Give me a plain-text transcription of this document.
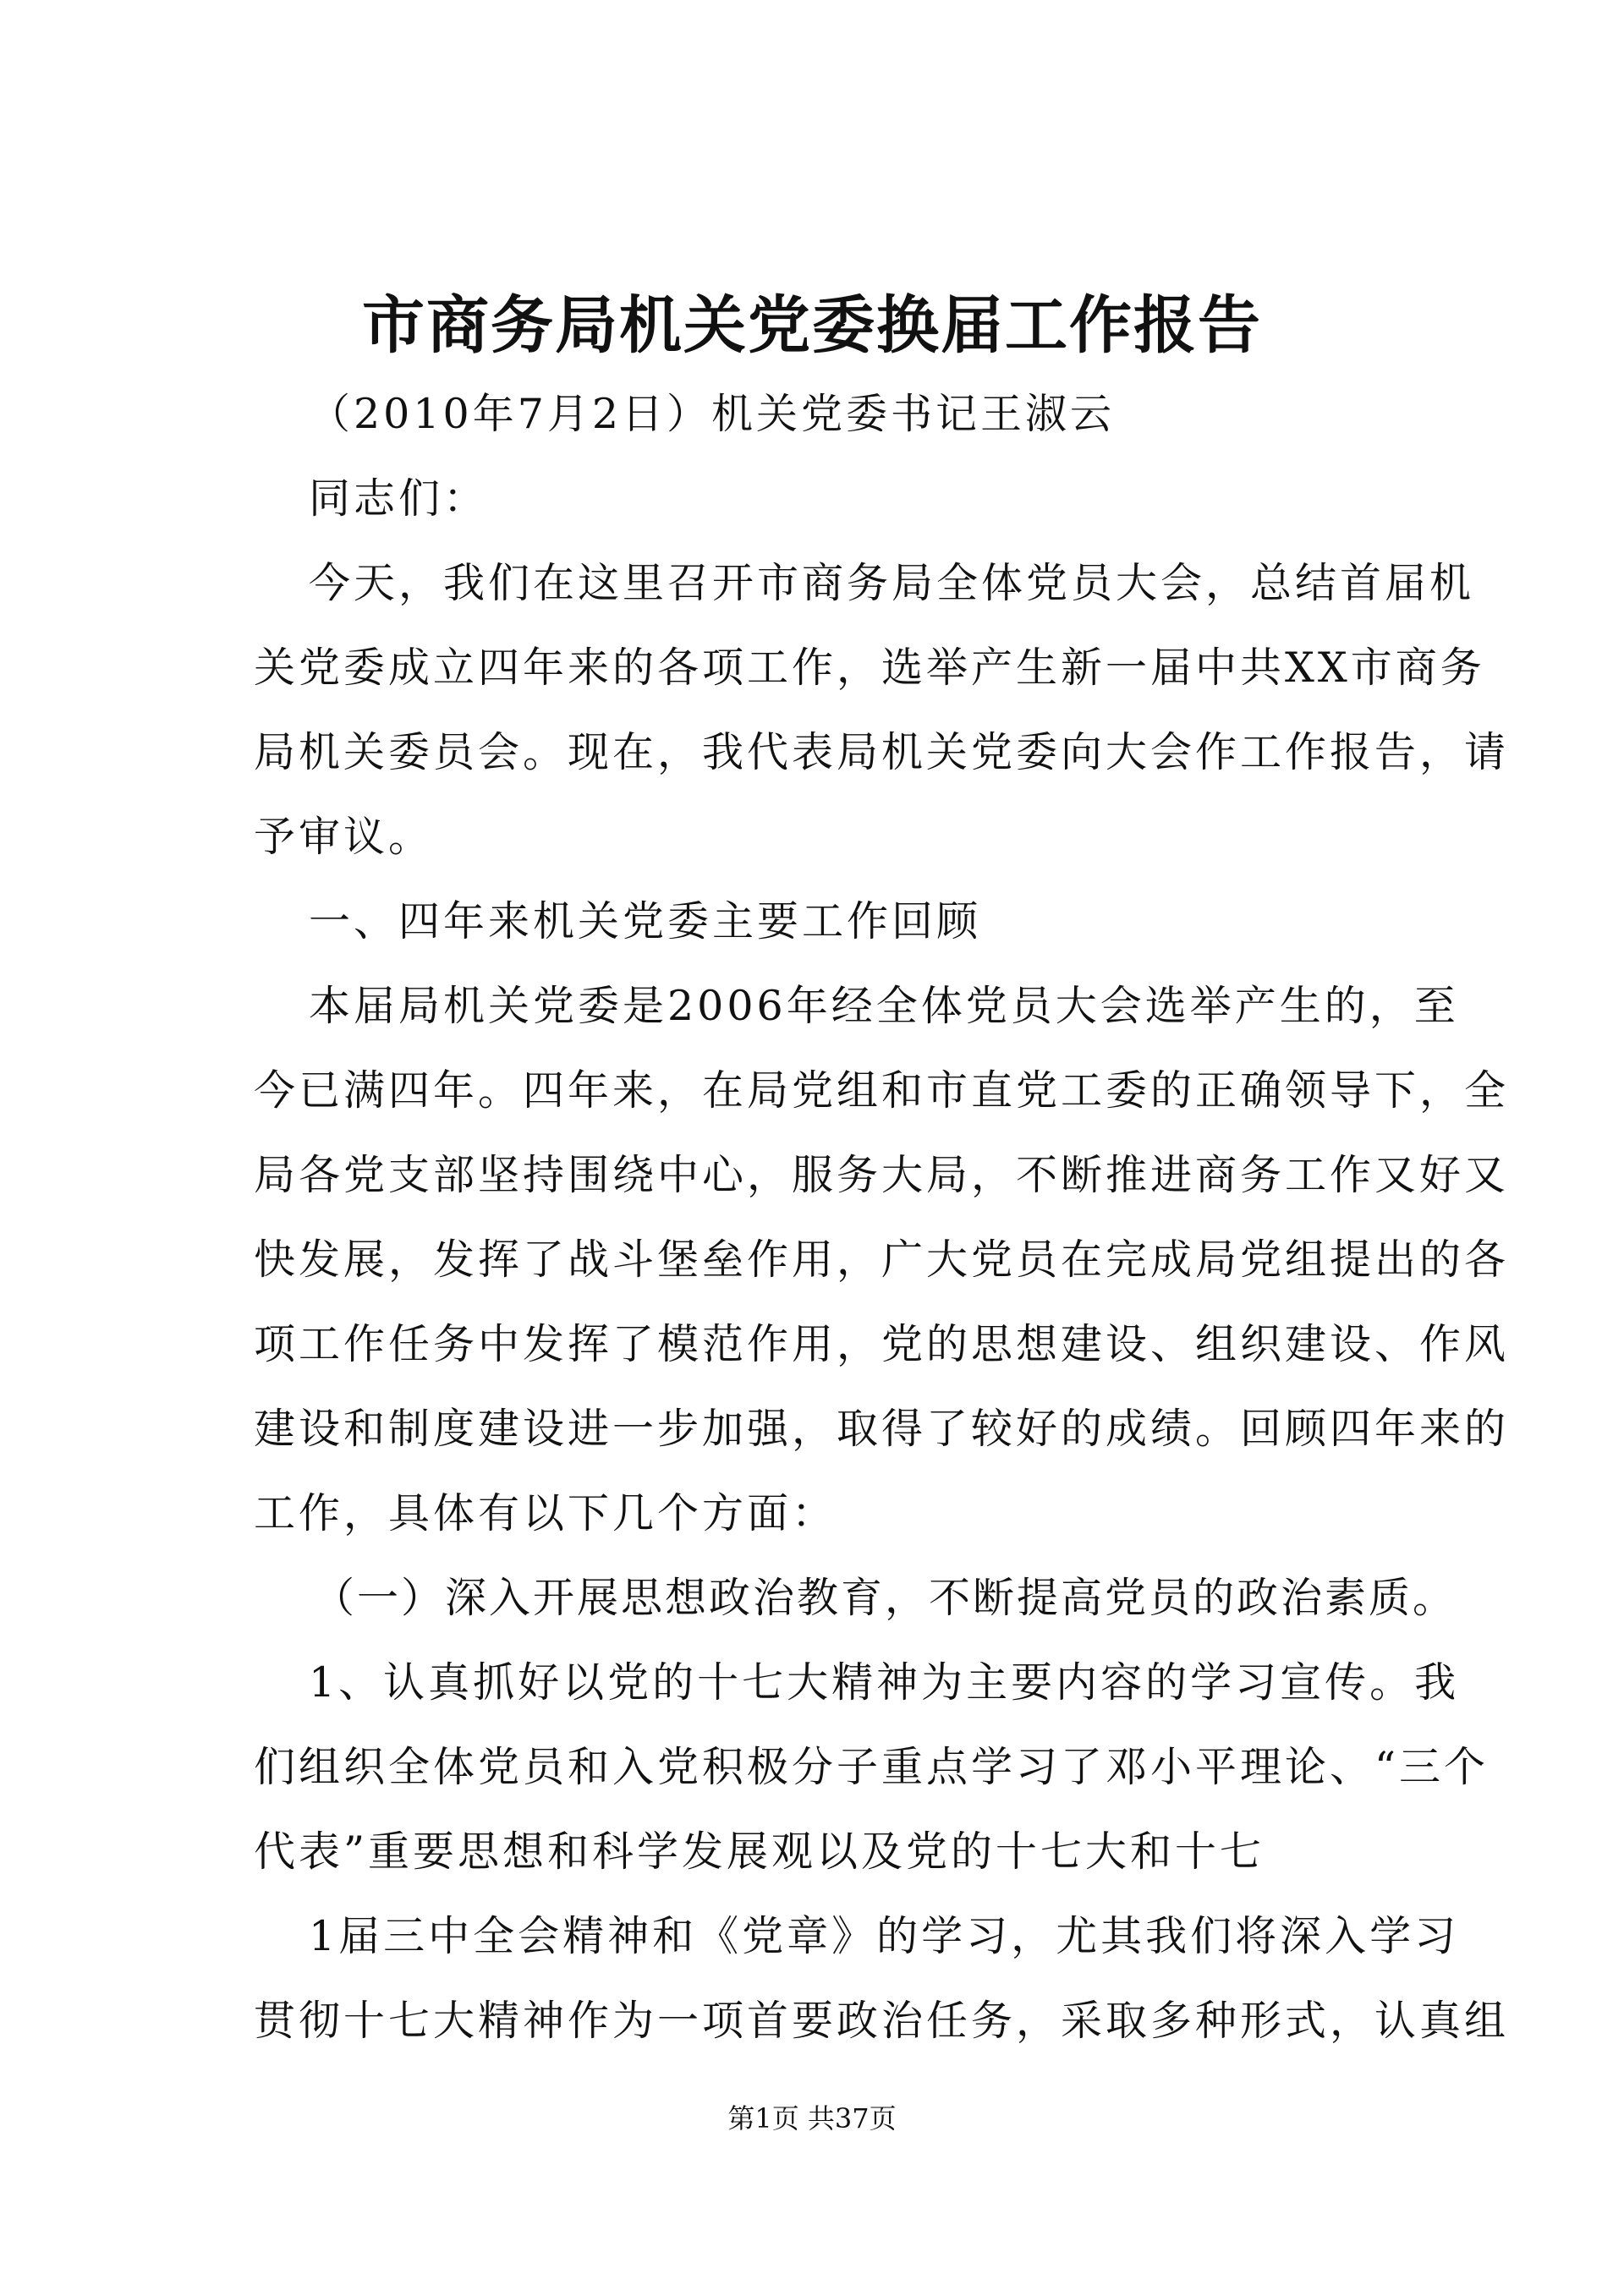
市商务局机关党委换届工作报告
（2010年7月2日）机关党委书记王淑云
同志们：
今天，我们在这里召开市商务局全体党员大会，总结首届机
关党委成立四年来的各项工作，选举产生新一届中共XX市商务
局机关委员会。现在，我代表局机关党委向大会作工作报告，请
予审议。
一、四年来机关党委主要工作回顾
本届局机关党委是2006年经全体党员大会选举产生的，至
今已满四年。四年来，在局党组和市直党工委的正确领导下，全
局各党支部坚持围绕中心，服务大局，不断推进商务工作又好又
快发展，发挥了战斗堡垒作用，广大党员在完成局党组提出的各
项工作任务中发挥了模范作用，党的思想建设、组织建设、作风
建设和制度建设进一步加强，取得了较好的成绩。回顾四年来的
工作，具体有以下几个方面：
（一）深入开展思想政治教育，不断提高党员的政治素质。
1、认真抓好以党的十七大精神为主要内容的学习宣传。我
们组织全体党员和入党积极分子重点学习了邓小平理论、“三个
代表”重要思想和科学发展观以及党的十七大和十七
1届三中全会精神和《党章》的学习，尤其我们将深入学习
贯彻十七大精神作为一项首要政治任务，采取多种形式，认真组
第1页 共37页
